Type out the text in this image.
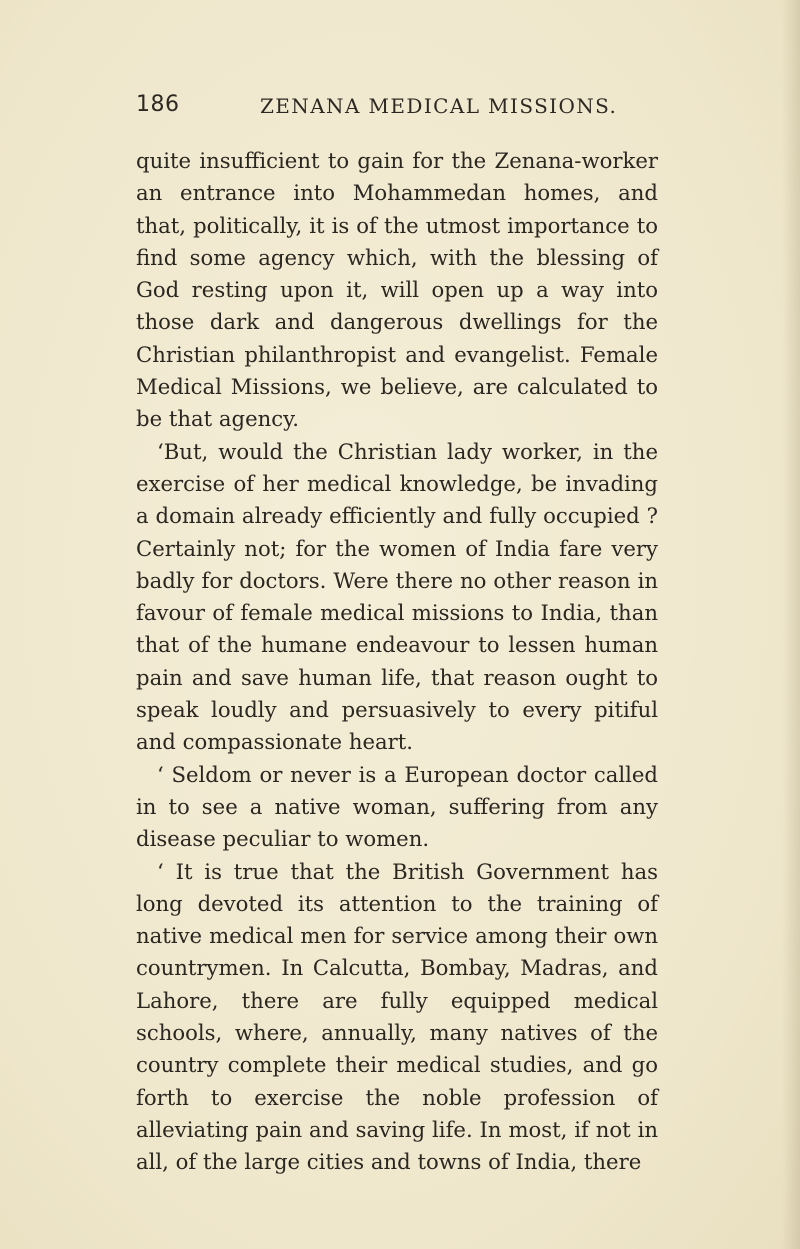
186	ZENANA MEDICAL MISSIONS.

quite insufficient to gain for the Zenana-worker an entrance into Mohammedan homes, and that, politically, it is of the utmost importance to find some agency which, with the blessing of God resting upon it, will open up a way into those dark and dangerous dwellings for the Christian philanthropist and evangelist. Female Medical Missions, we believe, are calculated to be that agency.

‘But, would the Christian lady worker, in the exercise of her medical knowledge, be invading a domain already efficiently and fully occupied ? Certainly not; for the women of India fare very badly for doctors. Were there no other reason in favour of female medical missions to India, than that of the humane endeavour to lessen human pain and save human life, that reason ought to speak loudly and persuasively to every pitiful and compassionate heart.

‘ Seldom or never is a European doctor called in to see a native woman, suffering from any disease peculiar to women.

‘ It is true that the British Government has long devoted its attention to the training of native medical men for service among their own countrymen. In Calcutta, Bombay, Madras, and Lahore, there are fully equipped medical schools, where, annually, many natives of the country complete their medical studies, and go forth to exercise the noble profession of alleviating pain and saving life. In most, if not in all, of the large cities and towns of India, there
